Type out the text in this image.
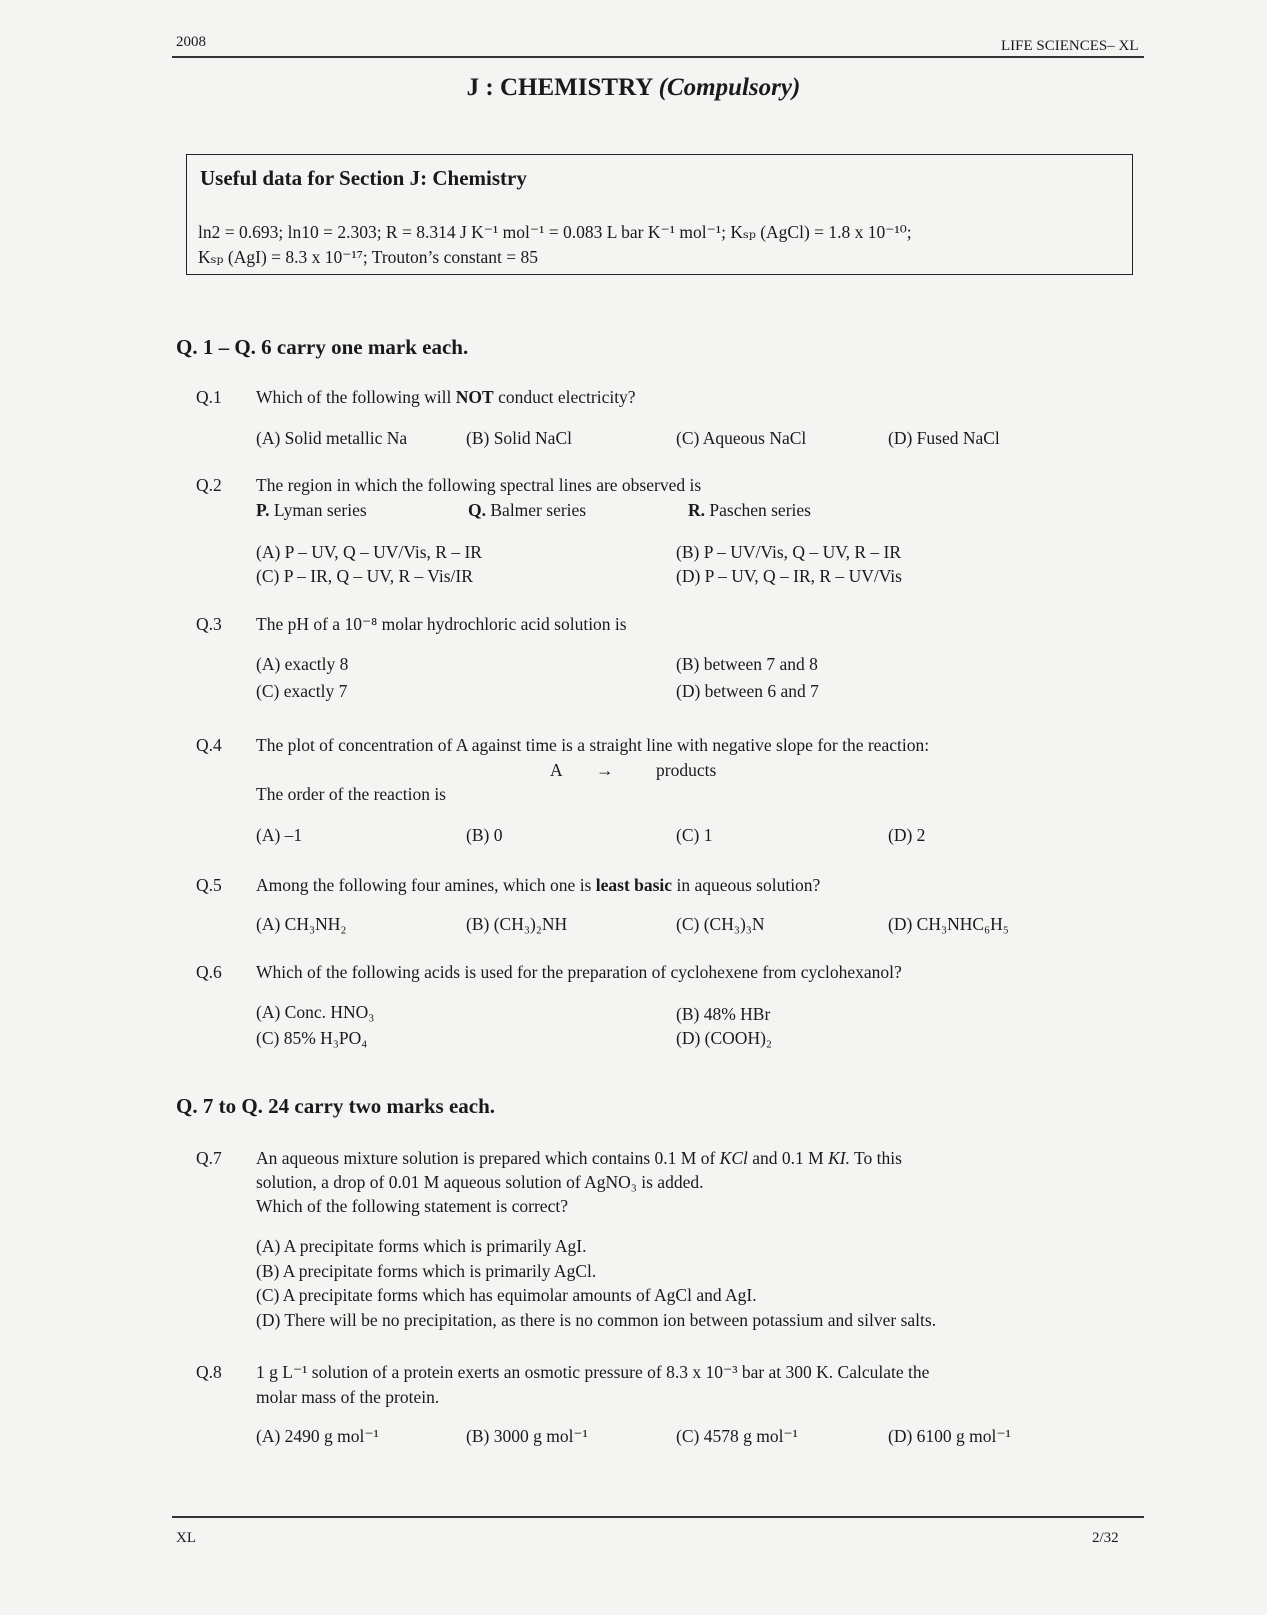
2008	LIFE SCIENCES– XL
J : CHEMISTRY (Compulsory)
Useful data for Section J: Chemistry
ln2 = 0.693; ln10 = 2.303; R = 8.314 J K⁻¹ mol⁻¹ = 0.083 L bar K⁻¹ mol⁻¹; Kₛₚ (AgCl) = 1.8 x 10⁻¹⁰;
Kₛₚ (AgI) = 8.3 x 10⁻¹⁷; Trouton’s constant = 85
Q. 1 – Q. 6 carry one mark each.
Q.1 Which of the following will NOT conduct electricity?
(A) Solid metallic Na	(B) Solid NaCl	(C) Aqueous NaCl	(D) Fused NaCl
Q.2 The region in which the following spectral lines are observed is
P. Lyman series	Q. Balmer series	R. Paschen series
(A) P – UV, Q – UV/Vis, R – IR	(B) P – UV/Vis, Q – UV, R – IR
(C) P – IR, Q – UV, R – Vis/IR	(D) P – UV, Q – IR, R – UV/Vis
Q.3 The pH of a 10⁻⁸ molar hydrochloric acid solution is
(A) exactly 8	(B) between 7 and 8
(C) exactly 7	(D) between 6 and 7
Q.4 The plot of concentration of A against time is a straight line with negative slope for the reaction:
A → products
The order of the reaction is
(A) –1	(B) 0	(C) 1	(D) 2
Q.5 Among the following four amines, which one is least basic in aqueous solution?
(A) CH₃NH₂	(B) (CH₃)₂NH	(C) (CH₃)₃N	(D) CH₃NHC₆H₅
Q.6 Which of the following acids is used for the preparation of cyclohexene from cyclohexanol?
(A) Conc. HNO₃	(B) 48% HBr
(C) 85% H₃PO₄	(D) (COOH)₂
Q. 7 to Q. 24 carry two marks each.
Q.7 An aqueous mixture solution is prepared which contains 0.1 M of KCl and 0.1 M KI. To this
solution, a drop of 0.01 M aqueous solution of AgNO₃ is added.
Which of the following statement is correct?
(A) A precipitate forms which is primarily AgI.
(B) A precipitate forms which is primarily AgCl.
(C) A precipitate forms which has equimolar amounts of AgCl and AgI.
(D) There will be no precipitation, as there is no common ion between potassium and silver salts.
Q.8 1 g L⁻¹ solution of a protein exerts an osmotic pressure of 8.3 x 10⁻³ bar at 300 K. Calculate the
molar mass of the protein.
(A) 2490 g mol⁻¹	(B) 3000 g mol⁻¹	(C) 4578 g mol⁻¹	(D) 6100 g mol⁻¹
XL	2/32
